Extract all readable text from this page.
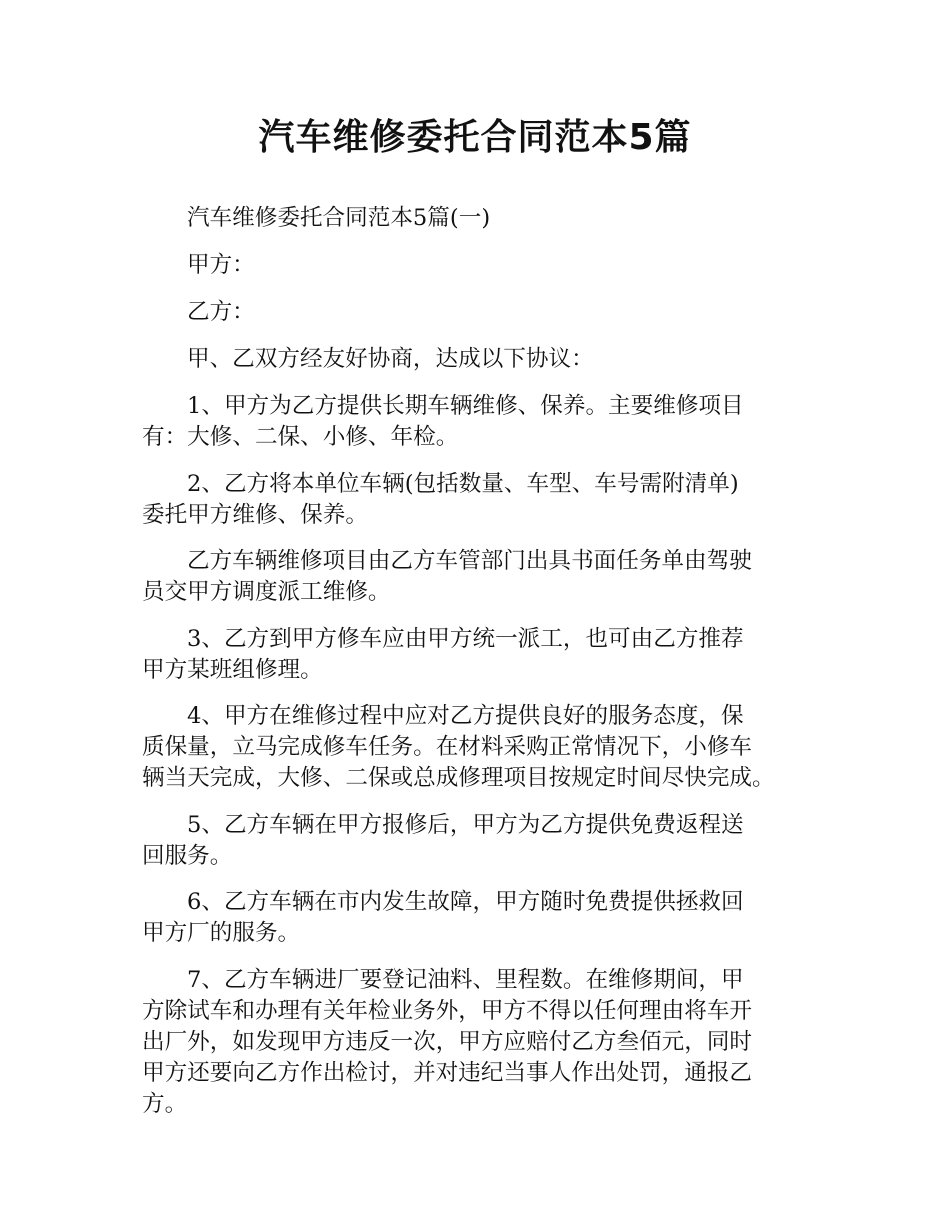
汽车维修委托合同范本5篇

汽车维修委托合同范本5篇(一)

甲方：

乙方：

甲、乙双方经友好协商，达成以下协议：

1、甲方为乙方提供长期车辆维修、保养。主要维修项目
有：大修、二保、小修、年检。

2、乙方将本单位车辆(包括数量、车型、车号需附清单)
委托甲方维修、保养。

乙方车辆维修项目由乙方车管部门出具书面任务单由驾驶
员交甲方调度派工维修。

3、乙方到甲方修车应由甲方统一派工，也可由乙方推荐
甲方某班组修理。

4、甲方在维修过程中应对乙方提供良好的服务态度，保
质保量，立马完成修车任务。在材料采购正常情况下，小修车
辆当天完成，大修、二保或总成修理项目按规定时间尽快完成。

5、乙方车辆在甲方报修后，甲方为乙方提供免费返程送
回服务。

6、乙方车辆在市内发生故障，甲方随时免费提供拯救回
甲方厂的服务。

7、乙方车辆进厂要登记油料、里程数。在维修期间，甲
方除试车和办理有关年检业务外，甲方不得以任何理由将车开
出厂外，如发现甲方违反一次，甲方应赔付乙方叁佰元，同时
甲方还要向乙方作出检讨，并对违纪当事人作出处罚，通报乙
方。
